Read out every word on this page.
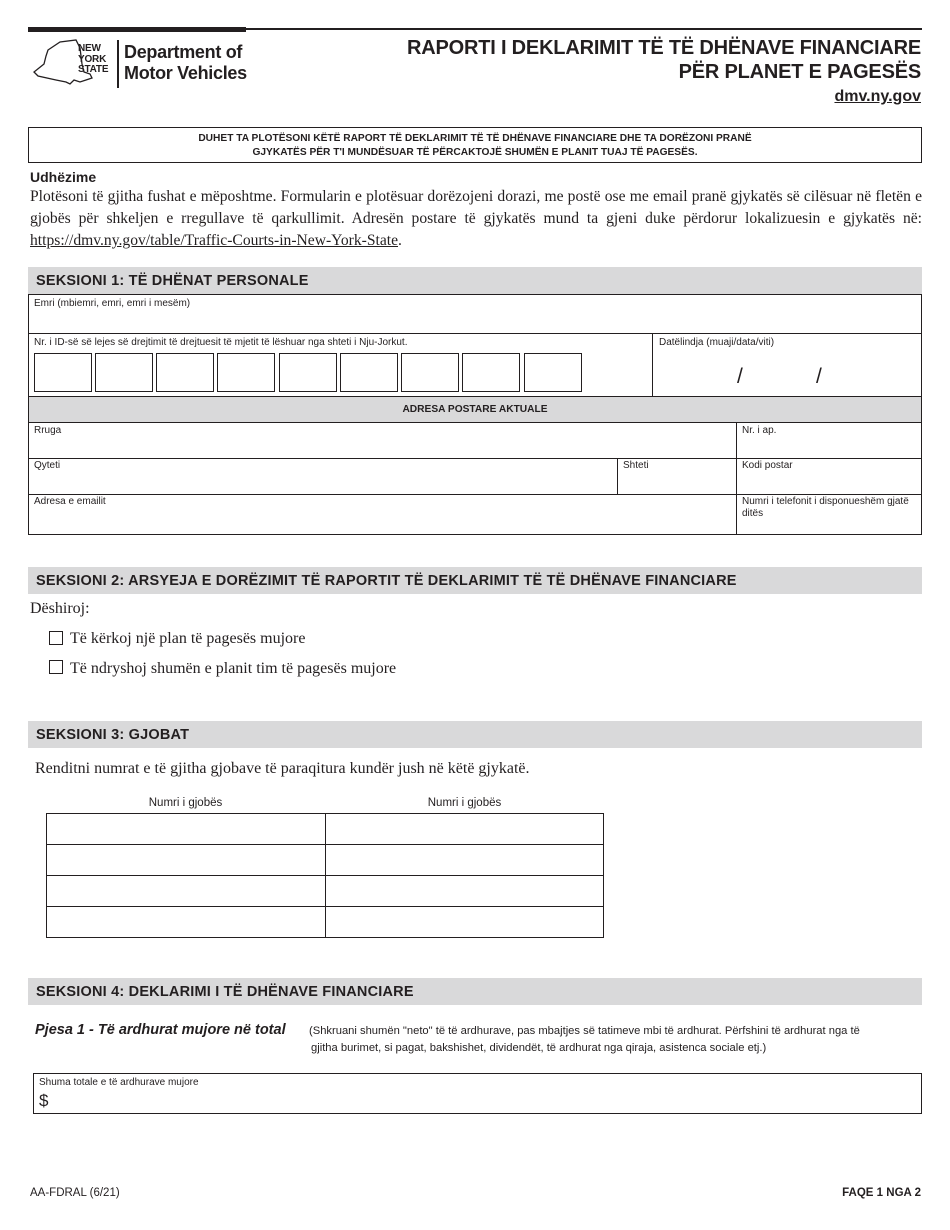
NEW
YORK
STATE
Department of
Motor Vehicles
RAPORTI I DEKLARIMIT TË TË DHËNAVE FINANCIARE
PËR PLANET E PAGESËS
dmv.ny.gov
DUHET TA PLOTËSONI KËTË RAPORT TË DEKLARIMIT TË TË DHËNAVE FINANCIARE DHE TA DORËZONI PRANË
GJYKATËS PËR T'I MUNDËSUAR TË PËRCAKTOJË SHUMËN E PLANIT TUAJ TË PAGESËS.
Udhëzime
Plotësoni të gjitha fushat e mëposhtme. Formularin e plotësuar dorëzojeni dorazi, me postë ose me email pranë gjykatës së cilësuar në fletën e gjobës për shkeljen e rregullave të qarkullimit. Adresën postare të gjykatës mund ta gjeni duke përdorur lokalizuesin e gjykatës në: https://dmv.ny.gov/table/Traffic-Courts-in-New-York-State.
SEKSIONI 1: TË DHËNAT PERSONALE
Emri (mbiemri, emri, emri i mesëm)
Nr. i ID-së së lejes së drejtimit të drejtuesit të mjetit të lëshuar nga shteti i Nju-Jorkut.	Datëlindja (muaji/data/viti)
/	/
ADRESA POSTARE AKTUALE
Rruga	Nr. i ap.
Qyteti	Shteti	Kodi postar
Adresa e emailit	Numri i telefonit i disponueshëm gjatë ditës
SEKSIONI 2: ARSYEJA E DORËZIMIT TË RAPORTIT TË DEKLARIMIT TË TË DHËNAVE FINANCIARE
Dëshiroj:
Të kërkoj një plan të pagesës mujore
Të ndryshoj shumën e planit tim të pagesës mujore
SEKSIONI 3: GJOBAT
Renditni numrat e të gjitha gjobave të paraqitura kundër jush në këtë gjykatë.
Numri i gjobës	Numri i gjobës

SEKSIONI 4: DEKLARIMI I TË DHËNAVE FINANCIARE
Pjesa 1 - Të ardhurat mujore në total (Shkruani shumën "neto" të të ardhurave, pas mbajtjes së tatimeve mbi të ardhurat. Përfshini të ardhurat nga të
gjitha burimet, si pagat, bakshishet, dividendët, të ardhurat nga qiraja, asistenca sociale etj.)
Shuma totale e të ardhurave mujore
$
AA-FDRAL (6/21)	FAQE 1 NGA 2
